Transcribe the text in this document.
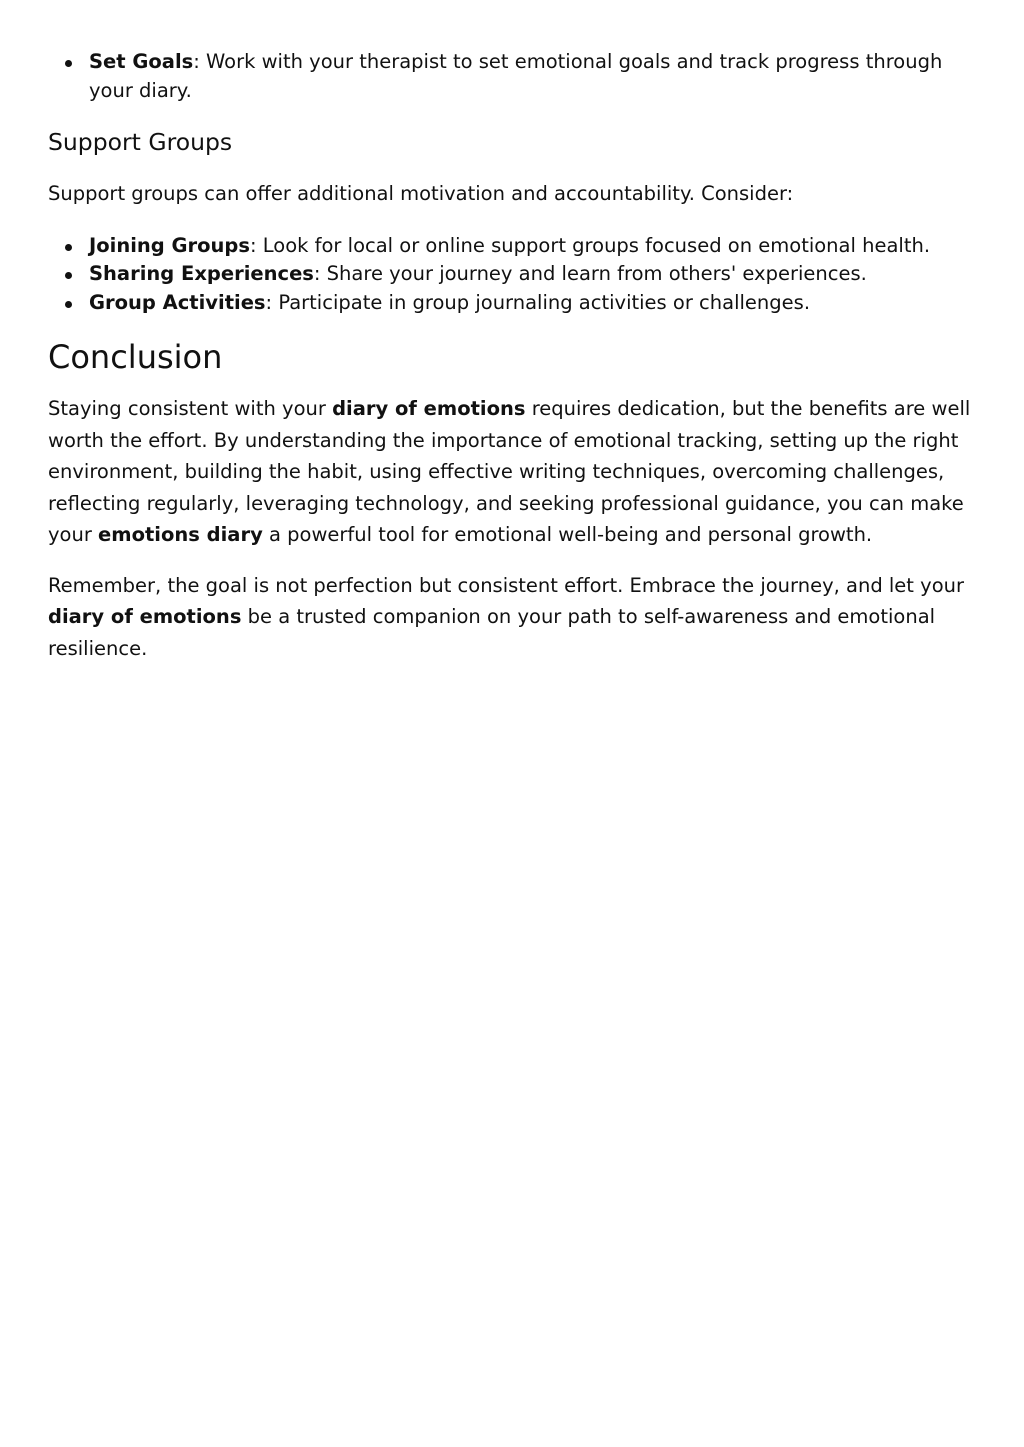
Set Goals: Work with your therapist to set emotional goals and track progress through your diary.
Support Groups

Support groups can offer additional motivation and accountability. Consider:

Joining Groups: Look for local or online support groups focused on emotional health.
Sharing Experiences: Share your journey and learn from others' experiences.
Group Activities: Participate in group journaling activities or challenges.
Conclusion

Staying consistent with your diary of emotions requires dedication, but the benefits are well worth the effort. By understanding the importance of emotional tracking, setting up the right environment, building the habit, using effective writing techniques, overcoming challenges, reflecting regularly, leveraging technology, and seeking professional guidance, you can make your emotions diary a powerful tool for emotional well-being and personal growth.

Remember, the goal is not perfection but consistent effort. Embrace the journey, and let your diary of emotions be a trusted companion on your path to self-awareness and emotional resilience.
